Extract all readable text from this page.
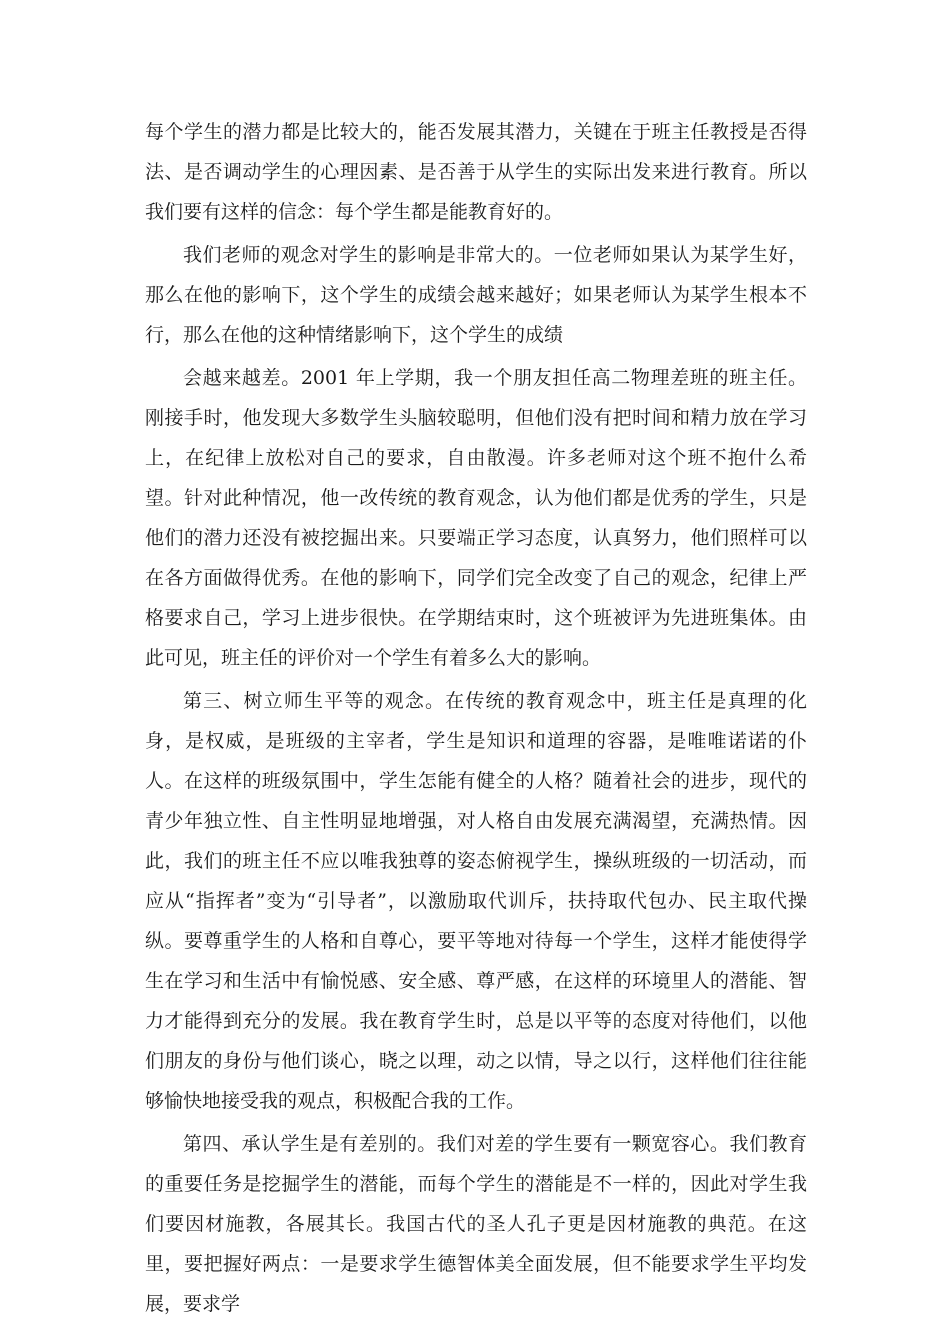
每个学生的潜力都是比较大的，能否发展其潜力，关键在于班主任教授是否得法、是否调动学生的心理因素、是否善于从学生的实际出发来进行教育。所以我们要有这样的信念：每个学生都是能教育好的。

我们老师的观念对学生的影响是非常大的。一位老师如果认为某学生好，那么在他的影响下，这个学生的成绩会越来越好；如果老师认为某学生根本不行，那么在他的这种情绪影响下，这个学生的成绩

会越来越差。2001 年上学期，我一个朋友担任高二物理差班的班主任。刚接手时，他发现大多数学生头脑较聪明，但他们没有把时间和精力放在学习上，在纪律上放松对自己的要求，自由散漫。许多老师对这个班不抱什么希望。针对此种情况，他一改传统的教育观念，认为他们都是优秀的学生，只是他们的潜力还没有被挖掘出来。只要端正学习态度，认真努力，他们照样可以在各方面做得优秀。在他的影响下，同学们完全改变了自己的观念，纪律上严格要求自己，学习上进步很快。在学期结束时，这个班被评为先进班集体。由此可见，班主任的评价对一个学生有着多么大的影响。

第三、树立师生平等的观念。在传统的教育观念中，班主任是真理的化身，是权威，是班级的主宰者，学生是知识和道理的容器，是唯唯诺诺的仆人。在这样的班级氛围中，学生怎能有健全的人格？随着社会的进步，现代的青少年独立性、自主性明显地增强，对人格自由发展充满渴望，充满热情。因此，我们的班主任不应以唯我独尊的姿态俯视学生，操纵班级的一切活动，而应从“指挥者”变为“引导者”，以激励取代训斥，扶持取代包办、民主取代操纵。要尊重学生的人格和自尊心，要平等地对待每一个学生，这样才能使得学生在学习和生活中有愉悦感、安全感、尊严感，在这样的环境里人的潜能、智力才能得到充分的发展。我在教育学生时，总是以平等的态度对待他们，以他们朋友的身份与他们谈心，晓之以理，动之以情，导之以行，这样他们往往能够愉快地接受我的观点，积极配合我的工作。

第四、承认学生是有差别的。我们对差的学生要有一颗宽容心。我们教育的重要任务是挖掘学生的潜能，而每个学生的潜能是不一样的，因此对学生我们要因材施教，各展其长。我国古代的圣人孔子更是因材施教的典范。在这里，要把握好两点：一是要求学生德智体美全面发展，但不能要求学生平均发展，要求学
